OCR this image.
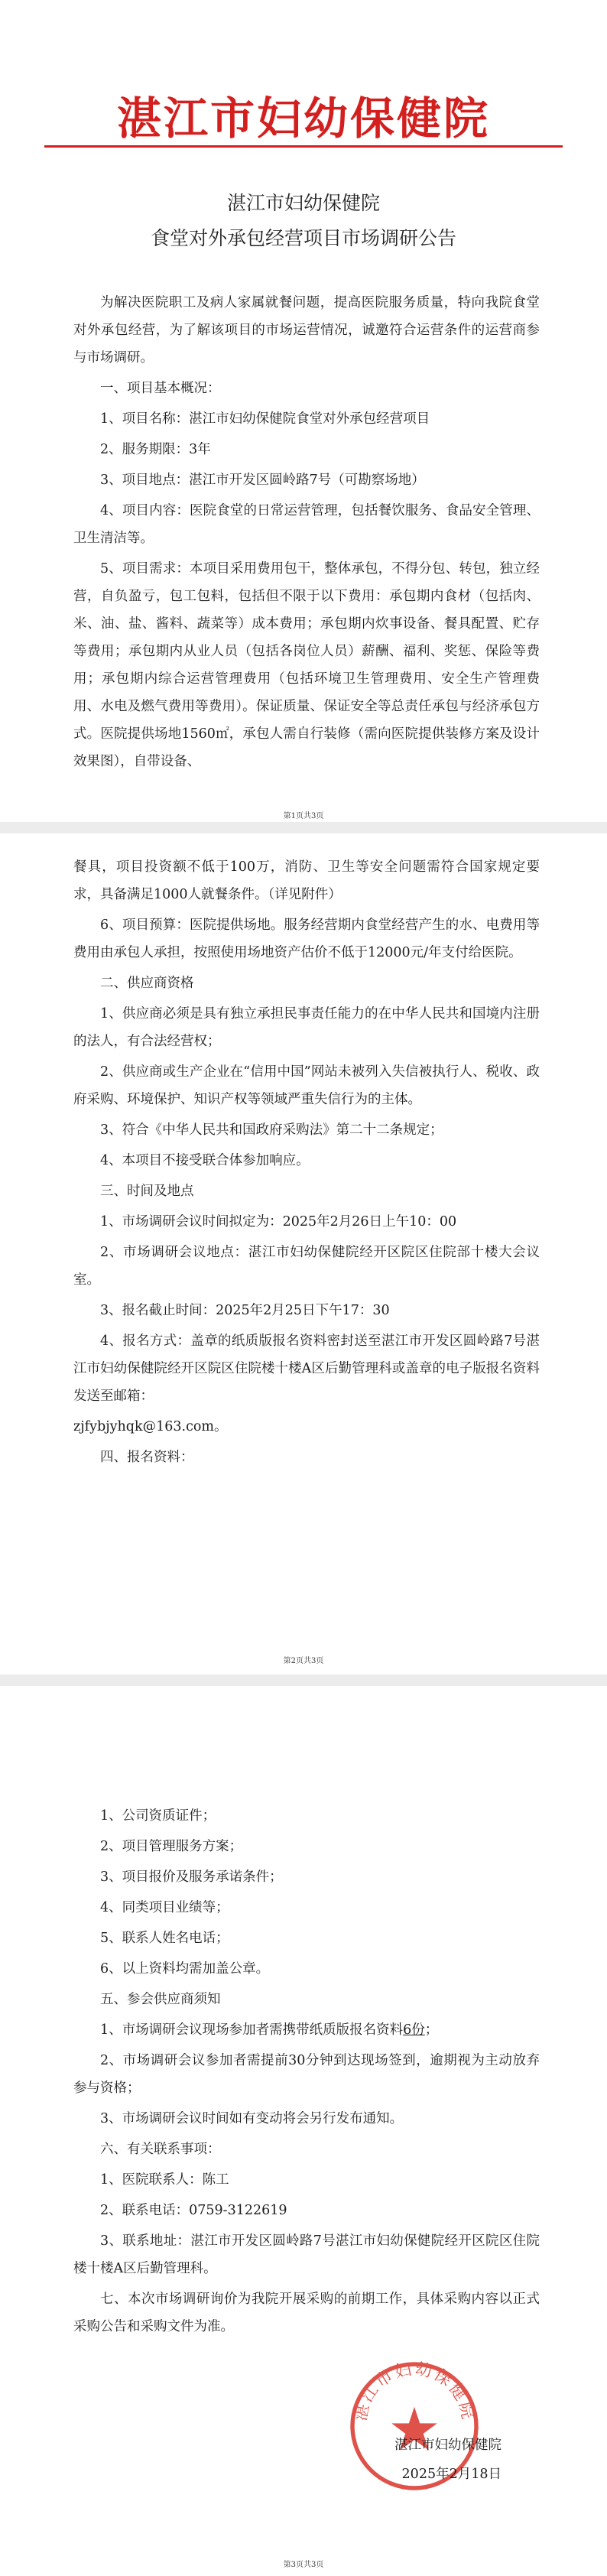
湛江市妇幼保健院
湛江市妇幼保健院
食堂对外承包经营项目市场调研公告

为解决医院职工及病人家属就餐问题，提高医院服务质量，特向我院食堂对外承包经营，为了解该项目的市场运营情况，诚邀符合运营条件的运营商参与市场调研。

一、项目基本概况：

1、项目名称：湛江市妇幼保健院食堂对外承包经营项目

2、服务期限：3年

3、项目地点：湛江市开发区圆岭路7号（可勘察场地）

4、项目内容：医院食堂的日常运营管理，包括餐饮服务、食品安全管理、卫生清洁等。

5、项目需求：本项目采用费用包干，整体承包，不得分包、转包，独立经营，自负盈亏，包工包料，包括但不限于以下费用：承包期内食材（包括肉、米、油、盐、酱料、蔬菜等）成本费用；承包期内炊事设备、餐具配置、贮存等费用；承包期内从业人员（包括各岗位人员）薪酬、福利、奖惩、保险等费用；承包期内综合运营管理费用（包括环境卫生管理费用、安全生产管理费用、水电及燃气费用等费用）。保证质量、保证安全等总责任承包与经济承包方式。医院提供场地1560㎡，承包人需自行装修（需向医院提供装修方案及设计效果图），自带设备、

第1页共3页

餐具，项目投资额不低于100万，消防、卫生等安全问题需符合国家规定要求，具备满足1000人就餐条件。（详见附件）

6、项目预算：医院提供场地。服务经营期内食堂经营产生的水、电费用等费用由承包人承担，按照使用场地资产估价不低于12000元/年支付给医院。

二、供应商资格

1、供应商必须是具有独立承担民事责任能力的在中华人民共和国境内注册的法人，有合法经营权；

2、供应商或生产企业在“信用中国”网站未被列入失信被执行人、税收、政府采购、环境保护、知识产权等领域严重失信行为的主体。

3、符合《中华人民共和国政府采购法》第二十二条规定；

4、本项目不接受联合体参加响应。

三、时间及地点

1、市场调研会议时间拟定为：2025年2月26日上午10：00

2、市场调研会议地点：湛江市妇幼保健院经开区院区住院部十楼大会议室。

3、报名截止时间：2025年2月25日下午17：30

4、报名方式：盖章的纸质版报名资料密封送至湛江市开发区圆岭路7号湛江市妇幼保健院经开区院区住院楼十楼A区后勤管理科或盖章的电子版报名资料发送至邮箱：

zjfybjyhqk@163.com。

四、报名资料：

第2页共3页

1、公司资质证件；

2、项目管理服务方案；

3、项目报价及服务承诺条件；

4、同类项目业绩等；

5、联系人姓名电话；

6、以上资料均需加盖公章。

五、参会供应商须知

1、市场调研会议现场参加者需携带纸质版报名资料6份；

2、市场调研会议参加者需提前30分钟到达现场签到，逾期视为主动放弃参与资格；

3、市场调研会议时间如有变动将会另行发布通知。

六、有关联系事项：

1、医院联系人：陈工

2、联系电话：0759-3122619

3、联系地址：湛江市开发区圆岭路7号湛江市妇幼保健院经开区院区住院楼十楼A区后勤管理科。

七、本次市场调研询价为我院开展采购的前期工作，具体采购内容以正式采购公告和采购文件为准。

湛江市妇幼保健院
湛江市妇幼保健院
2025年2月18日
第3页共3页
